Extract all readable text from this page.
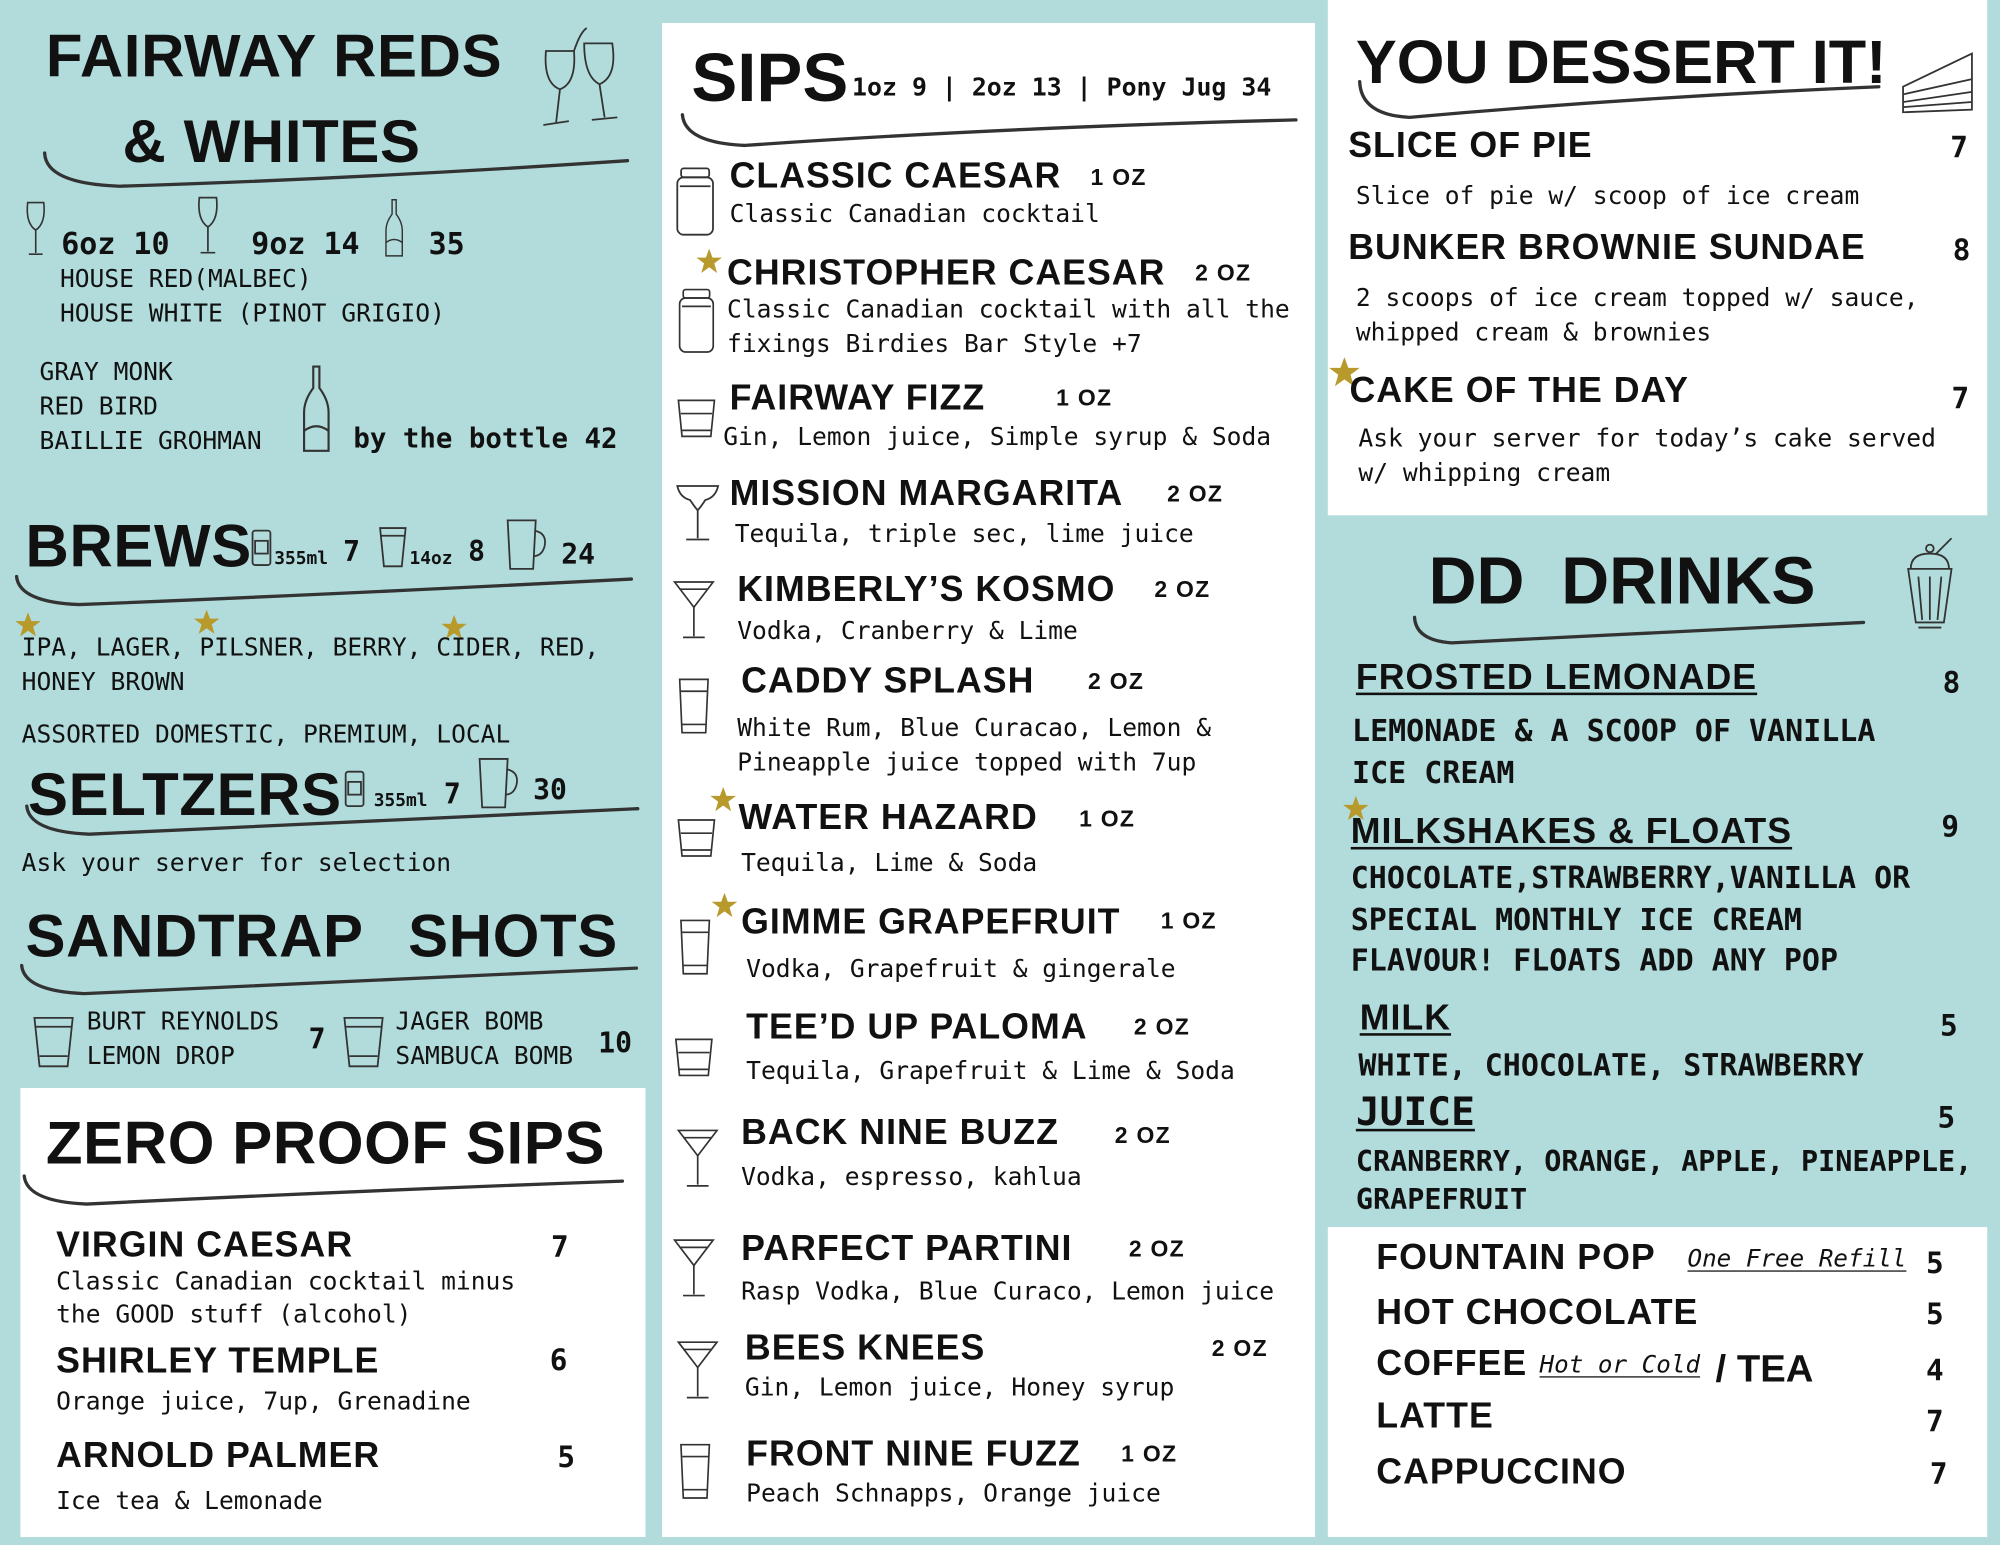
FAIRWAY REDS
& WHITES
6oz 10	9oz 14	35
HOUSE RED(MALBEC)
HOUSE WHITE (PINOT GRIGIO)
GRAY MONK
RED BIRD
BAILLIE GROHMAN	by the bottle 42
BREWS 355ml 7	14oz 8	24
IPA, LAGER, PILSNER, BERRY, CIDER, RED,
HONEY BROWN
ASSORTED DOMESTIC, PREMIUM, LOCAL
SELTZERS 355ml 7	30
Ask your server for selection
SANDTRAP SHOTS
BURT REYNOLDS
LEMON DROP	7
JAGER BOMB
SAMBUCA BOMB 10
ZERO PROOF SIPS
VIRGIN CAESAR	7
Classic Canadian cocktail minus
the GOOD stuff (alcohol)
SHIRLEY TEMPLE	6
Orange juice, 7up, Grenadine
ARNOLD PALMER	5
Ice tea & Lemonade
SIPS 1oz 9 | 2oz 13 | Pony Jug 34
CLASSIC CAESAR 1 OZ
Classic Canadian cocktail
CHRISTOPHER CAESAR 2 OZ
Classic Canadian cocktail with all the
fixings Birdies Bar Style +7
FAIRWAY FIZZ	1 OZ
Gin, Lemon juice, Simple syrup & Soda
MISSION MARGARITA 2 OZ
Tequila, triple sec, lime juice
KIMBERLY’S KOSMO 2 OZ
Vodka, Cranberry & Lime
CADDY SPLASH	2 OZ
White Rum, Blue Curacao, Lemon &
Pineapple juice topped with 7up
WATER HAZARD 1 OZ
Tequila, Lime & Soda
GIMME GRAPEFRUIT 1 OZ
Vodka, Grapefruit & gingerale
TEE’D UP PALOMA	2 OZ
Tequila, Grapefruit & Lime & Soda
BACK NINE BUZZ	2 OZ
Vodka, espresso, kahlua
PARFECT PARTINI	2 OZ
Rasp Vodka, Blue Curaco, Lemon juice
BEES KNEES	2 OZ
Gin, Lemon juice, Honey syrup
FRONT NINE FUZZ 1 OZ
Peach Schnapps, Orange juice
YOU DESSERT IT!
SLICE OF PIE	7
Slice of pie w/ scoop of ice cream
BUNKER BROWNIE SUNDAE	8
2 scoops of ice cream topped w/ sauce,
whipped cream & brownies
CAKE OF THE DAY	7
Ask your server for today’s cake served
w/ whipping cream
DD  DRINKS
FROSTED LEMONADE	8
LEMONADE & A SCOOP OF VANILLA
ICE CREAM
MILKSHAKES & FLOATS	9
CHOCOLATE,STRAWBERRY,VANILLA OR
SPECIAL MONTHLY ICE CREAM
FLAVOUR! FLOATS ADD ANY POP
MILK	5
WHITE, CHOCOLATE, STRAWBERRY
JUICE	5
CRANBERRY, ORANGE, APPLE, PINEAPPLE,
GRAPEFRUIT
FOUNTAIN POP One Free Refill 5
HOT CHOCOLATE	5
COFFEE Hot or Cold / TEA	4
LATTE	7
CAPPUCCINO	7
